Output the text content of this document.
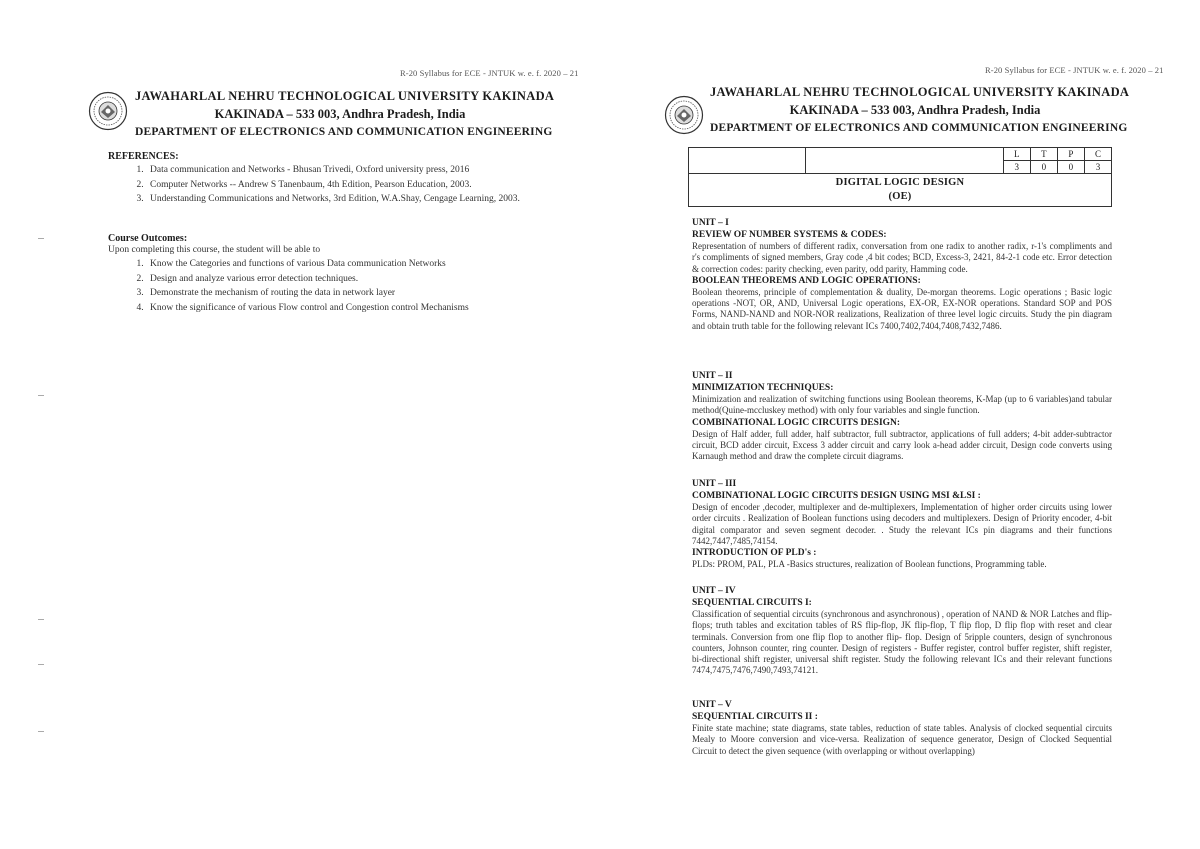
R-20 Syllabus for ECE - JNTUK w. e. f. 2020 – 21
JAWAHARLAL NEHRU TECHNOLOGICAL UNIVERSITY KAKINADA
KAKINADA – 533 003, Andhra Pradesh, India
DEPARTMENT OF ELECTRONICS AND COMMUNICATION ENGINEERING
REFERENCES:
1. Data communication and Networks - Bhusan Trivedi, Oxford university press, 2016
2. Computer Networks -- Andrew S Tanenbaum, 4th Edition, Pearson Education, 2003.
3. Understanding Communications and Networks, 3rd Edition, W.A.Shay, Cengage Learning, 2003.
Course Outcomes:
Upon completing this course, the student will be able to
1. Know the Categories and functions of various Data communication Networks
2. Design and analyze various error detection techniques.
3. Demonstrate the mechanism of routing the data in network layer
4. Know the significance of various Flow control and Congestion control Mechanisms
R-20 Syllabus for ECE - JNTUK w. e. f. 2020 – 21
JAWAHARLAL NEHRU TECHNOLOGICAL UNIVERSITY KAKINADA
KAKINADA – 533 003, Andhra Pradesh, India
DEPARTMENT OF ELECTRONICS AND COMMUNICATION ENGINEERING
		L	T	P	C
		3	0	0	3

DIGITAL LOGIC DESIGN
(OE)
UNIT – I
REVIEW OF NUMBER SYSTEMS & CODES:
Representation of numbers of different radix, conversation from one radix to another radix, r-1's compliments and r's compliments of signed members, Gray code ,4 bit codes; BCD, Excess-3, 2421, 84-2-1 code etc. Error detection & correction codes: parity checking, even parity, odd parity, Hamming code.
BOOLEAN THEOREMS AND LOGIC OPERATIONS:
Boolean theorems, principle of complementation & duality, De-morgan theorems. Logic operations ; Basic logic operations -NOT, OR, AND, Universal Logic operations, EX-OR, EX-NOR operations. Standard SOP and POS Forms, NAND-NAND and NOR-NOR realizations, Realization of three level logic circuits. Study the pin diagram and obtain truth table for the following relevant ICs 7400,7402,7404,7408,7432,7486.
UNIT – II
MINIMIZATION TECHNIQUES:
Minimization and realization of switching functions using Boolean theorems, K-Map (up to 6 variables)and tabular method(Quine-mccluskey method) with only four variables and single function.
COMBINATIONAL LOGIC CIRCUITS DESIGN:
Design of Half adder, full adder, half subtractor, full subtractor, applications of full adders; 4-bit adder-subtractor circuit, BCD adder circuit, Excess 3 adder circuit and carry look a-head adder circuit, Design code converts using Karnaugh method and draw the complete circuit diagrams.
UNIT – III
COMBINATIONAL LOGIC CIRCUITS DESIGN USING MSI &LSI :
Design of encoder ,decoder, multiplexer and de-multiplexers, Implementation of higher order circuits using lower order circuits . Realization of Boolean functions using decoders and multiplexers. Design of Priority encoder, 4-bit digital comparator and seven segment decoder. . Study the relevant ICs pin diagrams and their functions 7442,7447,7485,74154.
INTRODUCTION OF PLD's :
PLDs: PROM, PAL, PLA -Basics structures, realization of Boolean functions, Programming table.
UNIT – IV
SEQUENTIAL CIRCUITS I:
Classification of sequential circuits (synchronous and asynchronous) , operation of NAND & NOR Latches and flip-flops; truth tables and excitation tables of RS flip-flop, JK flip-flop, T flip flop, D flip flop with reset and clear terminals. Conversion from one flip flop to another flip- flop. Design of 5ripple counters, design of synchronous counters, Johnson counter, ring counter. Design of registers - Buffer register, control buffer register, shift register, bi-directional shift register, universal shift register. Study the following relevant ICs and their relevant functions 7474,7475,7476,7490,7493,74121.
UNIT – V
SEQUENTIAL CIRCUITS II :
Finite state machine; state diagrams, state tables, reduction of state tables. Analysis of clocked sequential circuits Mealy to Moore conversion and vice-versa. Realization of sequence generator, Design of Clocked Sequential Circuit to detect the given sequence (with overlapping or without overlapping)
